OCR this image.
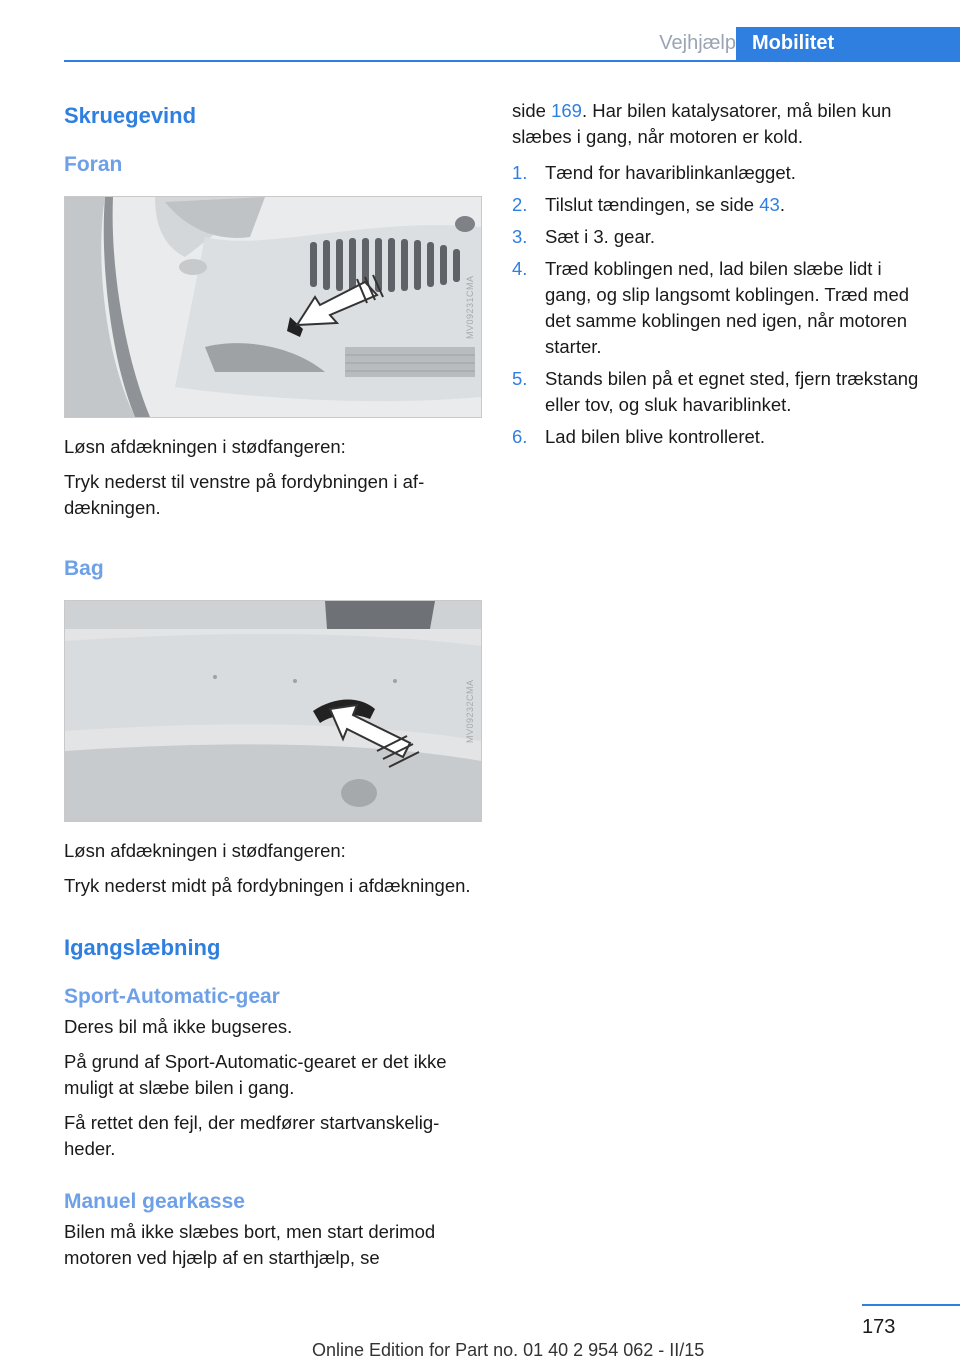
Vejhjælp Mobilitet
Skruegevind
Foran
MV09231CMA

Løsn afdækningen i stødfangeren:

Tryk nederst til venstre på fordybningen i afdækningen.

Bag
MV09232CMA

Løsn afdækningen i stødfangeren:

Tryk nederst midt på fordybningen i afdækningen.

Igangslæbning
Sport-Automatic-gear

Deres bil må ikke bugseres.

På grund af Sport-Automatic-gearet er det ikke muligt at slæbe bilen i gang.

Få rettet den fejl, der medfører startvanskeligheder.

Manuel gearkasse

Bilen må ikke slæbes bort, men start derimod motoren ved hjælp af en starthjælp, se

side 169. Har bilen katalysatorer, må bilen kun slæbes i gang, når motoren er kold.

1. Tænd for havariblinkanlægget.
2. Tilslut tændingen, se side 43.
3. Sæt i 3. gear.
4. Træd koblingen ned, lad bilen slæbe lidt i gang, og slip langsomt koblingen. Træd med det samme koblingen ned igen, når motoren starter.
5. Stands bilen på et egnet sted, fjern trækstang eller tov, og sluk havariblinket.
6. Lad bilen blive kontrolleret.
173
Online Edition for Part no. 01 40 2 954 062 - II/15
